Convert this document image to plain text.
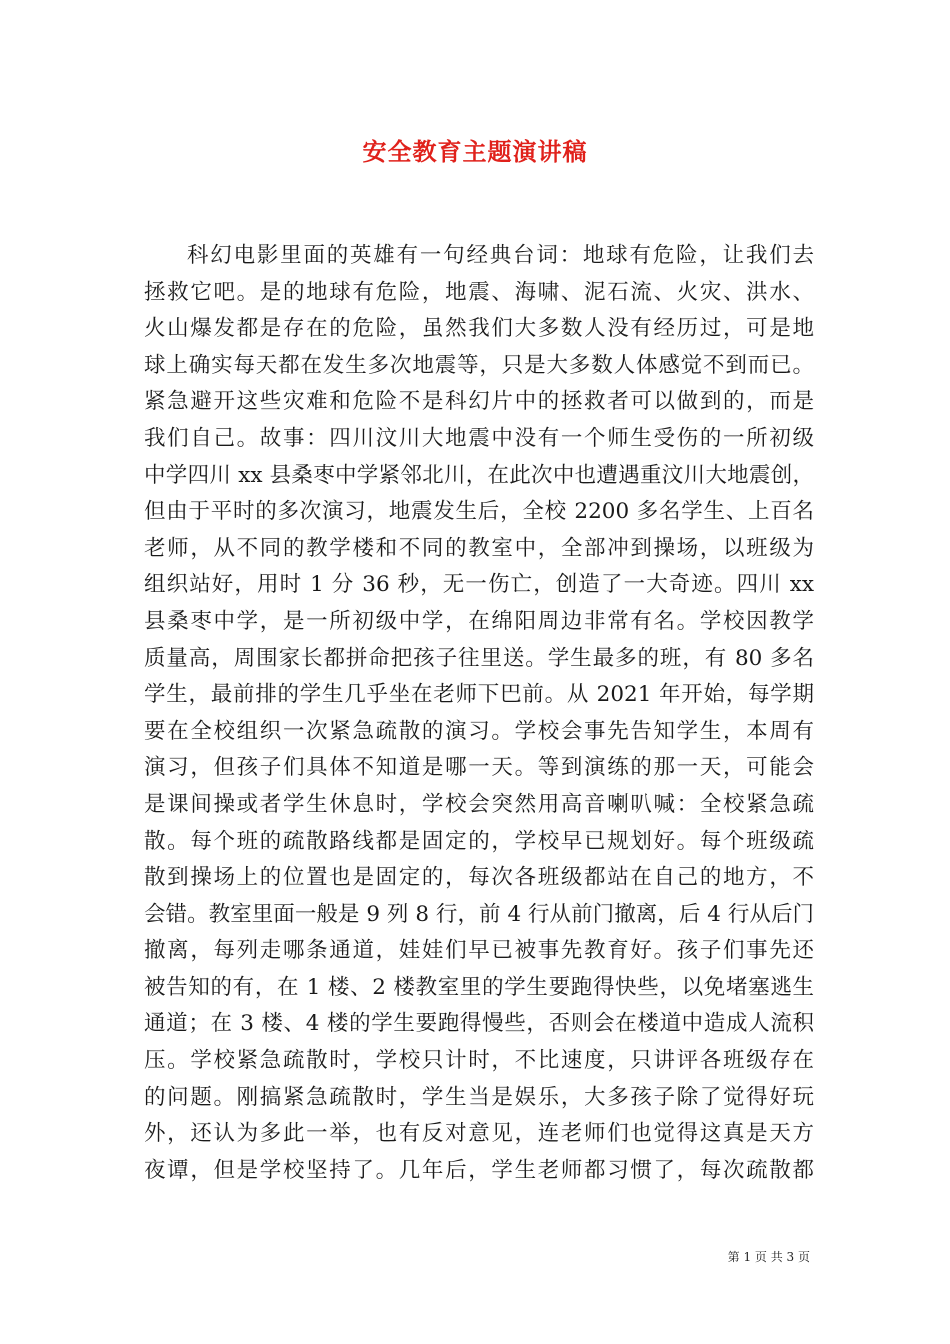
安全教育主题演讲稿
科幻电影里面的英雄有一句经典台词：地球有危险，让我们去
拯救它吧。是的地球有危险，地震、海啸、泥石流、火灾、洪水、
火山爆发都是存在的危险，虽然我们大多数人没有经历过，可是地
球上确实每天都在发生多次地震等，只是大多数人体感觉不到而已。
紧急避开这些灾难和危险不是科幻片中的拯救者可以做到的，而是
我们自己。故事：四川汶川大地震中没有一个师生受伤的一所初级
中学四川 xx 县桑枣中学紧邻北川，在此次中也遭遇重汶川大地震创，
但由于平时的多次演习，地震发生后，全校 2200 多名学生、上百名
老师，从不同的教学楼和不同的教室中，全部冲到操场，以班级为
组织站好，用时 1 分 36 秒，无一伤亡，创造了一大奇迹。四川 xx
县桑枣中学，是一所初级中学，在绵阳周边非常有名。学校因教学
质量高，周围家长都拼命把孩子往里送。学生最多的班，有 80 多名
学生，最前排的学生几乎坐在老师下巴前。从 2021 年开始，每学期
要在全校组织一次紧急疏散的演习。学校会事先告知学生，本周有
演习，但孩子们具体不知道是哪一天。等到演练的那一天，可能会
是课间操或者学生休息时，学校会突然用高音喇叭喊：全校紧急疏
散。每个班的疏散路线都是固定的，学校早已规划好。每个班级疏
散到操场上的位置也是固定的，每次各班级都站在自己的地方，不
会错。教室里面一般是 9 列 8 行，前 4 行从前门撤离，后 4 行从后门
撤离，每列走哪条通道，娃娃们早已被事先教育好。孩子们事先还
被告知的有，在 1 楼、2 楼教室里的学生要跑得快些，以免堵塞逃生
通道；在 3 楼、4 楼的学生要跑得慢些，否则会在楼道中造成人流积
压。学校紧急疏散时，学校只计时，不比速度，只讲评各班级存在
的问题。刚搞紧急疏散时，学生当是娱乐，大多孩子除了觉得好玩
外，还认为多此一举，也有反对意见，连老师们也觉得这真是天方
夜谭，但是学校坚持了。几年后，学生老师都习惯了，每次疏散都
第 1 页 共 3 页
